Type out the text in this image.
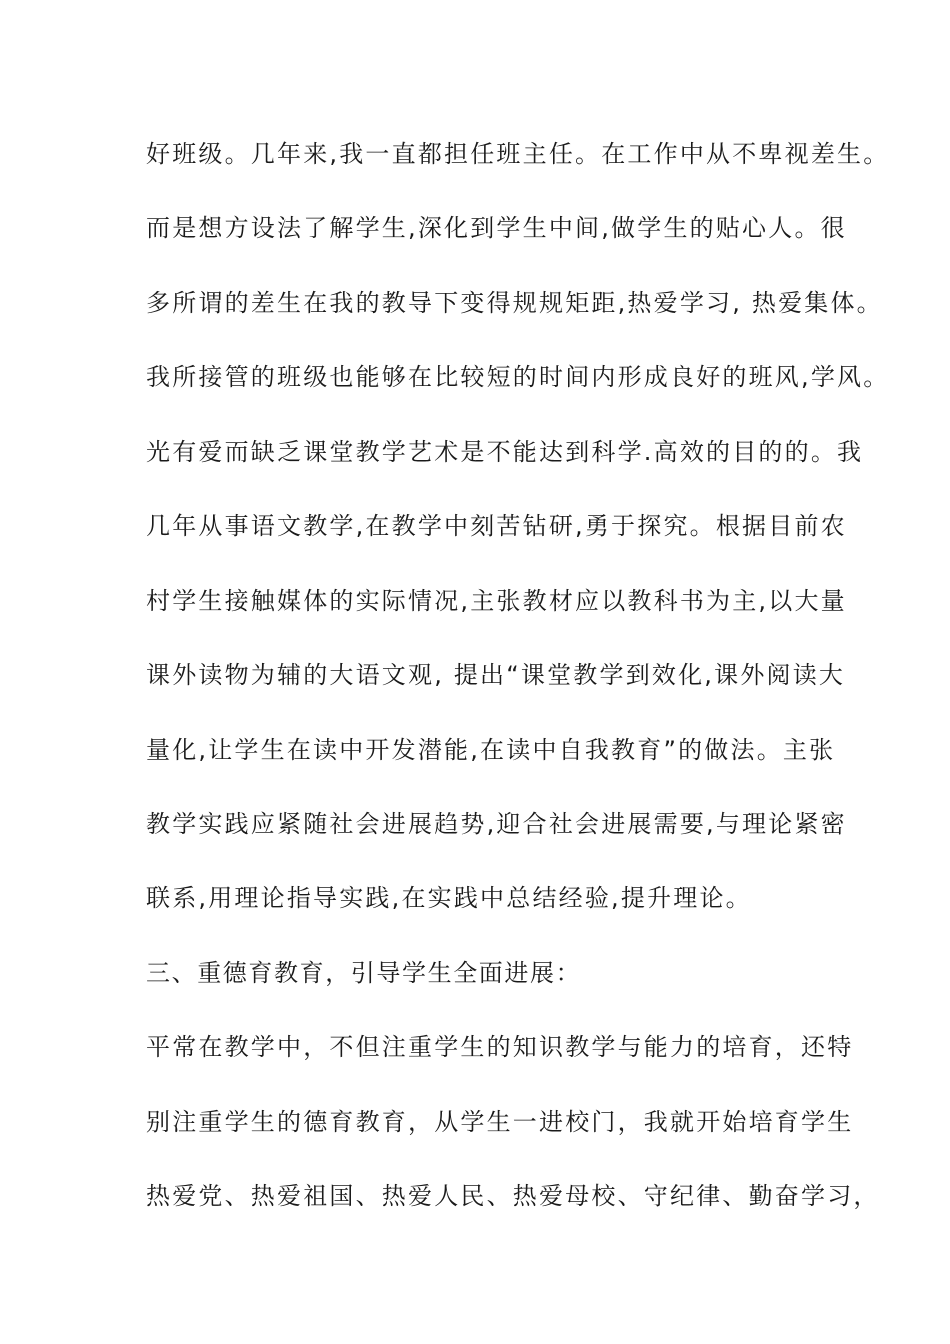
好班级。几年来,我一直都担任班主任。在工作中从不卑视差生。
而是想方设法了解学生,深化到学生中间,做学生的贴心人。很
多所谓的差生在我的教导下变得规规矩距,热爱学习, 热爱集体。
我所接管的班级也能够在比较短的时间内形成良好的班风,学风。
光有爱而缺乏课堂教学艺术是不能达到科学.高效的目的的。我
几年从事语文教学,在教学中刻苦钻研,勇于探究。根据目前农
村学生接触媒体的实际情况,主张教材应以教科书为主,以大量
课外读物为辅的大语文观, 提出“课堂教学到效化,课外阅读大
量化,让学生在读中开发潜能,在读中自我教育”的做法。主张
教学实践应紧随社会进展趋势,迎合社会进展需要,与理论紧密
联系,用理论指导实践,在实践中总结经验,提升理论。
三、重德育教育，引导学生全面进展：
平常在教学中，不但注重学生的知识教学与能力的培育，还特
别注重学生的德育教育，从学生一进校门，我就开始培育学生
热爱党、热爱祖国、热爱人民、热爱母校、守纪律、勤奋学习，
